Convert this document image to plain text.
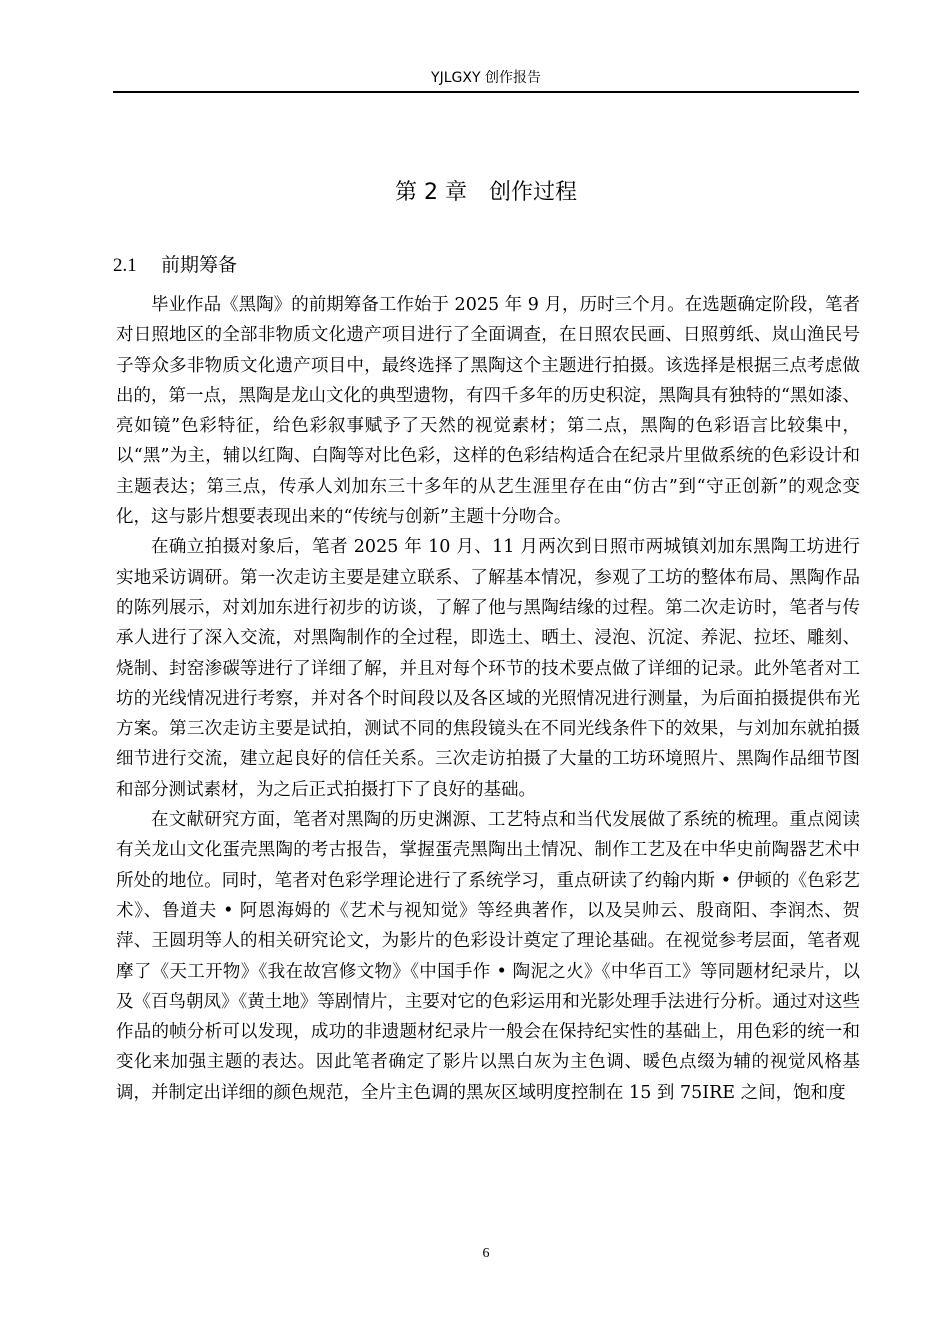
YJLGXY 创作报告
第 2 章 创作过程
2.1 前期筹备

毕业作品《黑陶》的前期筹备工作始于 2025 年 9 月，历时三个月。在选题确定阶段，笔者对日照地区的全部非物质文化遗产项目进行了全面调查，在日照农民画、日照剪纸、岚山渔民号子等众多非物质文化遗产项目中，最终选择了黑陶这个主题进行拍摄。该选择是根据三点考虑做出的，第一点，黑陶是龙山文化的典型遗物，有四千多年的历史积淀，黑陶具有独特的“黑如漆、亮如镜”色彩特征，给色彩叙事赋予了天然的视觉素材；第二点，黑陶的色彩语言比较集中，以“黑”为主，辅以红陶、白陶等对比色彩，这样的色彩结构适合在纪录片里做系统的色彩设计和主题表达；第三点，传承人刘加东三十多年的从艺生涯里存在由“仿古”到“守正创新”的观念变化，这与影片想要表现出来的“传统与创新”主题十分吻合。

在确立拍摄对象后，笔者 2025 年 10 月、11 月两次到日照市两城镇刘加东黑陶工坊进行实地采访调研。第一次走访主要是建立联系、了解基本情况，参观了工坊的整体布局、黑陶作品的陈列展示，对刘加东进行初步的访谈，了解了他与黑陶结缘的过程。第二次走访时，笔者与传承人进行了深入交流，对黑陶制作的全过程，即选土、晒土、浸泡、沉淀、养泥、拉坯、雕刻、烧制、封窑渗碳等进行了详细了解，并且对每个环节的技术要点做了详细的记录。此外笔者对工坊的光线情况进行考察，并对各个时间段以及各区域的光照情况进行测量，为后面拍摄提供布光方案。第三次走访主要是试拍，测试不同的焦段镜头在不同光线条件下的效果，与刘加东就拍摄细节进行交流，建立起良好的信任关系。三次走访拍摄了大量的工坊环境照片、黑陶作品细节图和部分测试素材，为之后正式拍摄打下了良好的基础。

在文献研究方面，笔者对黑陶的历史渊源、工艺特点和当代发展做了系统的梳理。重点阅读有关龙山文化蛋壳黑陶的考古报告，掌握蛋壳黑陶出土情况、制作工艺及在中华史前陶器艺术中所处的地位。同时，笔者对色彩学理论进行了系统学习，重点研读了约翰内斯 • 伊顿的《色彩艺术》、鲁道夫 • 阿恩海姆的《艺术与视知觉》等经典著作，以及吴帅云、殷商阳、李润杰、贺萍、王圆玥等人的相关研究论文，为影片的色彩设计奠定了理论基础。在视觉参考层面，笔者观摩了《天工开物》《我在故宫修文物》《中国手作 • 陶泥之火》《中华百工》等同题材纪录片，以及《百鸟朝凤》《黄土地》等剧情片，主要对它的色彩运用和光影处理手法进行分析。通过对这些作品的帧分析可以发现，成功的非遗题材纪录片一般会在保持纪实性的基础上，用色彩的统一和变化来加强主题的表达。因此笔者确定了影片以黑白灰为主色调、暖色点缀为辅的视觉风格基调，并制定出详细的颜色规范，全片主色调的黑灰区域明度控制在 15 到 75IRE 之间，饱和度

6
